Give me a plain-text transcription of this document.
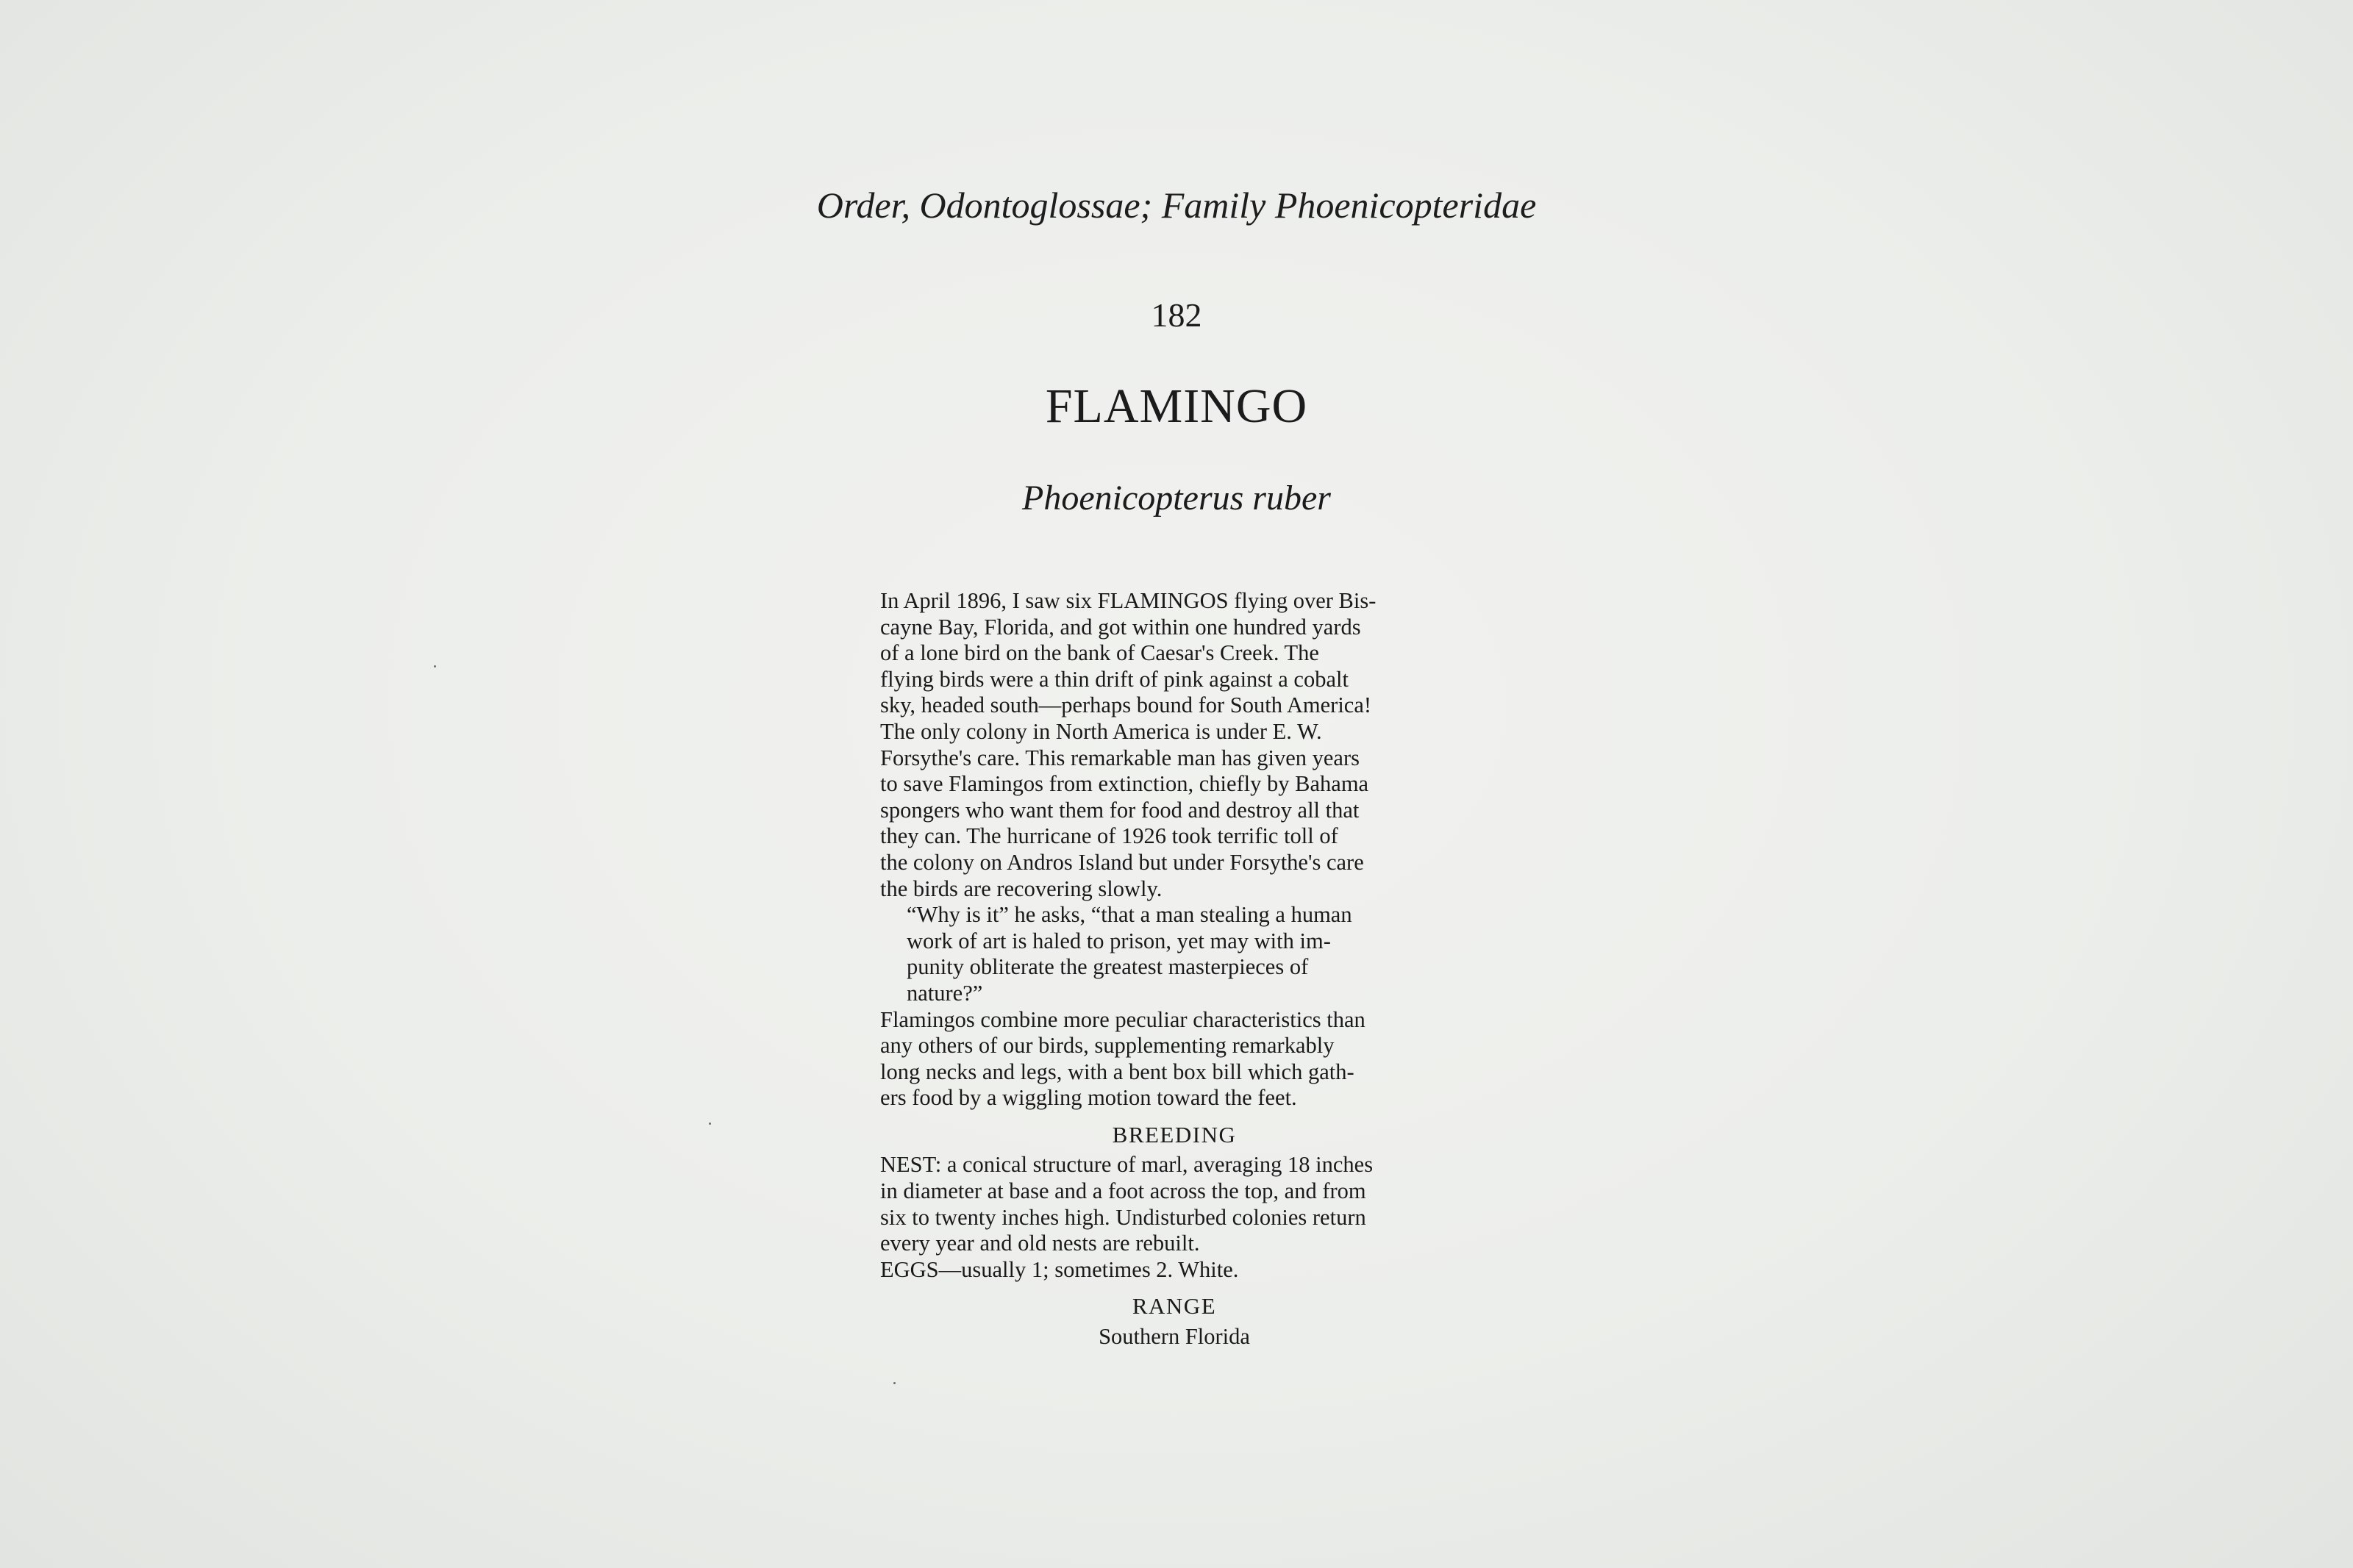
Order, Odontoglossae; Family Phoenicopteridae
182
FLAMINGO
Phoenicopterus ruber

In April 1896, I saw six FLAMINGOS flying over Bis-

cayne Bay, Florida, and got within one hundred yards

of a lone bird on the bank of Caesar's Creek. The

flying birds were a thin drift of pink against a cobalt

sky, headed south—perhaps bound for South America!

The only colony in North America is under E. W.

Forsythe's care. This remarkable man has given years

to save Flamingos from extinction, chiefly by Bahama

spongers who want them for food and destroy all that

they can. The hurricane of 1926 took terrific toll of

the colony on Andros Island but under Forsythe's care

the birds are recovering slowly.

“Why is it” he asks, “that a man stealing a human

work of art is haled to prison, yet may with im-

punity obliterate the greatest masterpieces of

nature?”

Flamingos combine more peculiar characteristics than

any others of our birds, supplementing remarkably

long necks and legs, with a bent box bill which gath-

ers food by a wiggling motion toward the feet.

BREEDING

NEST: a conical structure of marl, averaging 18 inches

in diameter at base and a foot across the top, and from

six to twenty inches high. Undisturbed colonies return

every year and old nests are rebuilt.

EGGS—usually 1; sometimes 2. White.

RANGE

Southern Florida
